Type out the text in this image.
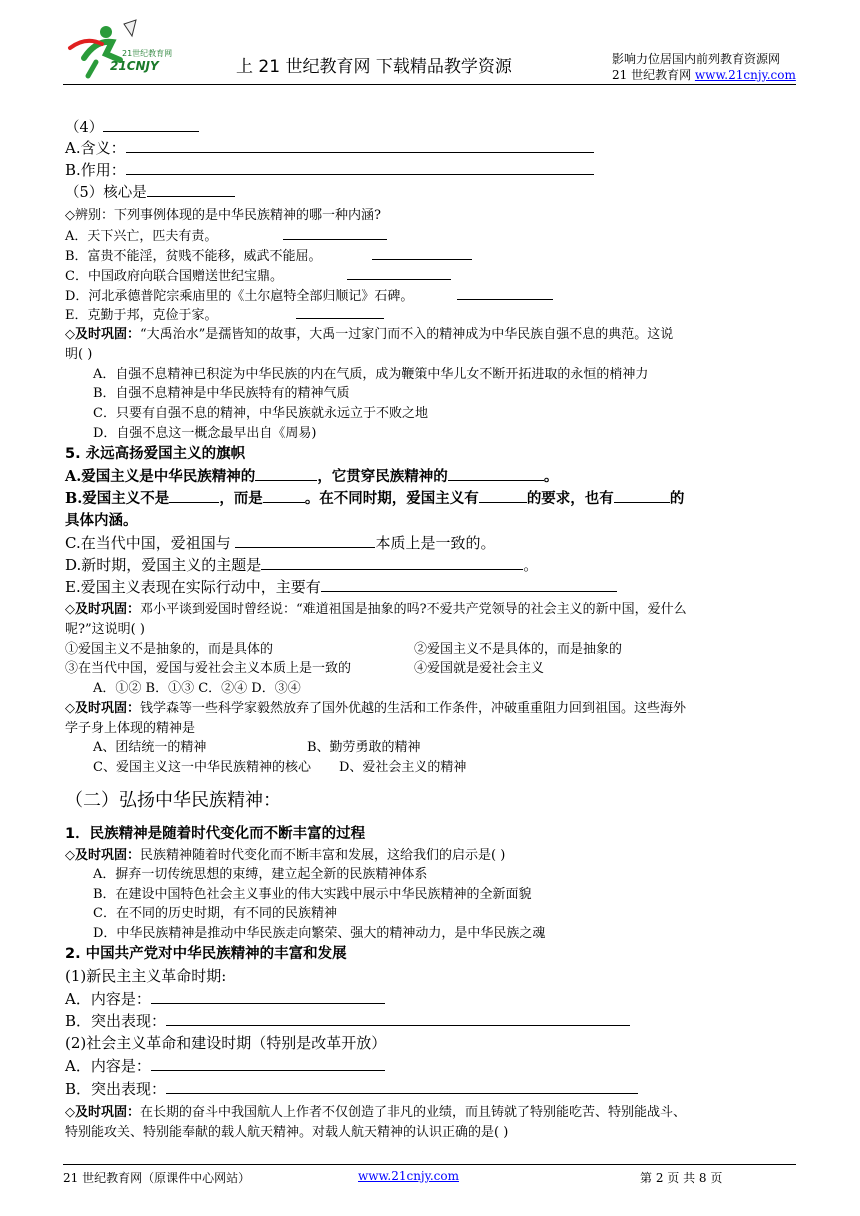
21世纪教育网
21CNJY	上 21 世纪教育网 下载精品教学资源	影响力位居国内前列教育资源网
21 世纪教育网 www.21cnjy.com
（4）
A.含义：
B.作用：
（5）核心是
◇辨别：下列事例体现的是中华民族精神的哪一种内涵?
A．天下兴亡，匹夫有责。
B．富贵不能淫，贫贱不能移，威武不能屈。
C．中国政府向联合国赠送世纪宝鼎。
D．河北承德普陀宗乘庙里的《土尔扈特全部归顺记》石碑。
E．克勤于邦，克俭于家。
◇及时巩固：“大禹治水”是孺皆知的故事，大禹一过家门而不入的精神成为中华民族自强不息的典范。这说
明( )
A．自强不息精神已积淀为中华民族的内在气质，成为鞭策中华儿女不断开拓进取的永恒的梢神力
B．自强不息精神是中华民族特有的精神气质
C．只要有自强不息的精神，中华民族就永远立于不败之地
D．自强不息这一概念最早出自《周易)
5. 永远高扬爱国主义的旗帜
A.爱国主义是中华民族精神的	，它贯穿民族精神的	。
B.爱国主义不是	，而是	。在不同时期，爱国主义有	的要求，也有	的
具体内涵。
C.在当代中国，爱祖国与	本质上是一致的。
D.新时期，爱国主义的主题是	。
E.爱国主义表现在实际行动中，主要有
◇及时巩固：邓小平谈到爱国时曾经说：“难道祖国是抽象的吗?不爱共产党领导的社会主义的新中国，爱什么
呢?”这说明( )
①爱国主义不是抽象的，而是具体的	②爱国主义不是具体的，而是抽象的
③在当代中国，爱国与爱社会主义本质上是一致的	④爱国就是爱社会主义
A．①② B．①③ C．②④ D．③④
◇及时巩固：钱学森等一些科学家毅然放弃了国外优越的生活和工作条件，冲破重重阻力回到祖国。这些海外
学子身上体现的精神是
A、团结统一的精神	B、勤劳勇敢的精神
C、爱国主义这一中华民族精神的核心 D、爱社会主义的精神
（二）弘扬中华民族精神：
1．民族精神是随着时代变化而不断丰富的过程
◇及时巩固：民族精神随着时代变化而不断丰富和发展，这给我们的启示是( )
A．摒弃一切传统思想的束缚，建立起全新的民族精神体系
B．在建设中国特色社会主义事业的伟大实践中展示中华民族精神的全新面貌
C．在不同的历史时期，有不同的民族精神
D．中华民族精神是推动中华民族走向繁荣、强大的精神动力，是中华民族之魂
2. 中国共产党对中华民族精神的丰富和发展
(1)新民主主义革命时期:
A．内容是：
B．突出表现：
(2)社会主义革命和建设时期（特别是改革开放）
A．内容是：
B．突出表现：
◇及时巩固：在长期的奋斗中我国航人上作者不仅创造了非凡的业绩，而且铸就了特别能吃苦、特别能战斗、
特别能攻关、特别能奉献的载人航天精神。对载人航天精神的认识正确的是( )
21 世纪教育网（原课件中心网站）	www.21cnjy.com	第 2 页 共 8 页
